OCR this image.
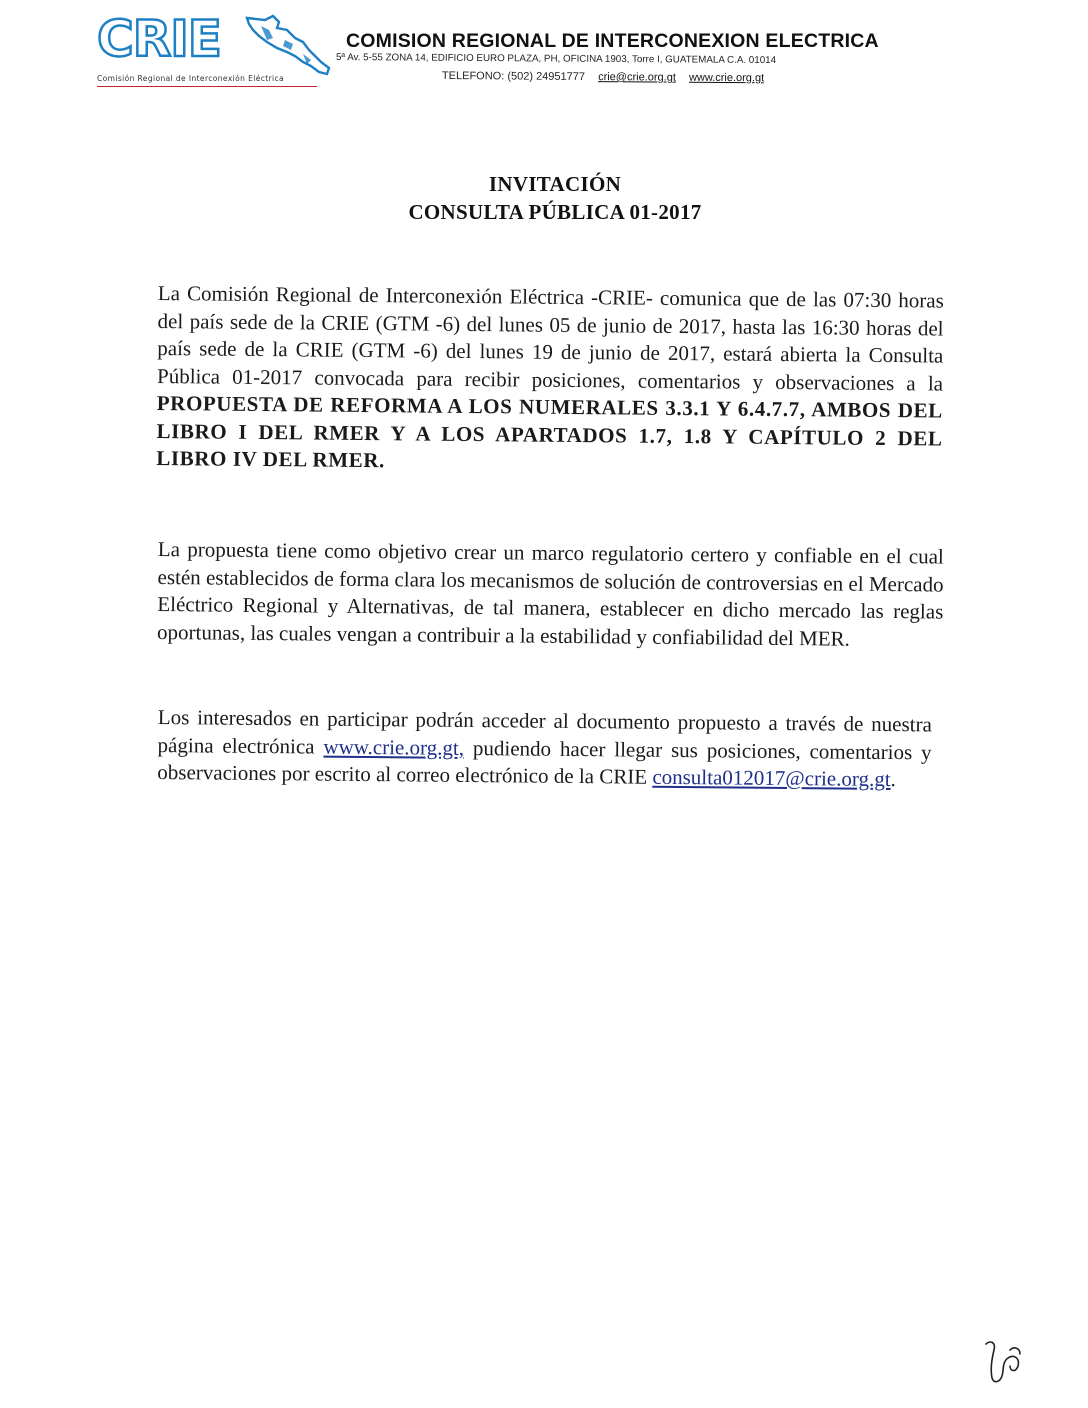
CRIE
Comisión Regional de Interconexión Eléctrica
COMISION REGIONAL DE INTERCONEXION ELECTRICA
5ª Av. 5-55 ZONA 14, EDIFICIO EURO PLAZA, PH, OFICINA 1903, Torre I, GUATEMALA C.A. 01014
TELEFONO: (502) 24951777 crie@crie.org.gt www.crie.org.gt
INVITACIÓN
CONSULTA PÚBLICA 01-2017
La Comisión Regional de Interconexión Eléctrica -CRIE- comunica que de las 07:30 horas del país sede de la CRIE (GTM -6) del lunes 05 de junio de 2017, hasta las 16:30 horas del país sede de la CRIE (GTM -6) del lunes 19 de junio de 2017, estará abierta la Consulta Pública 01-2017 convocada para recibir posiciones, comentarios y observaciones a la PROPUESTA DE REFORMA A LOS NUMERALES 3.3.1 Y 6.4.7.7, AMBOS DEL LIBRO I DEL RMER Y A LOS APARTADOS 1.7, 1.8 Y CAPÍTULO 2 DEL LIBRO IV DEL RMER.
La propuesta tiene como objetivo crear un marco regulatorio certero y confiable en el cual estén establecidos de forma clara los mecanismos de solución de controversias en el Mercado Eléctrico Regional y Alternativas, de tal manera, establecer en dicho mercado las reglas oportunas, las cuales vengan a contribuir a la estabilidad y confiabilidad del MER.
Los interesados en participar podrán acceder al documento propuesto a través de nuestra página electrónica www.crie.org.gt, pudiendo hacer llegar sus posiciones, comentarios y observaciones por escrito al correo electrónico de la CRIE consulta012017@crie.org.gt.
